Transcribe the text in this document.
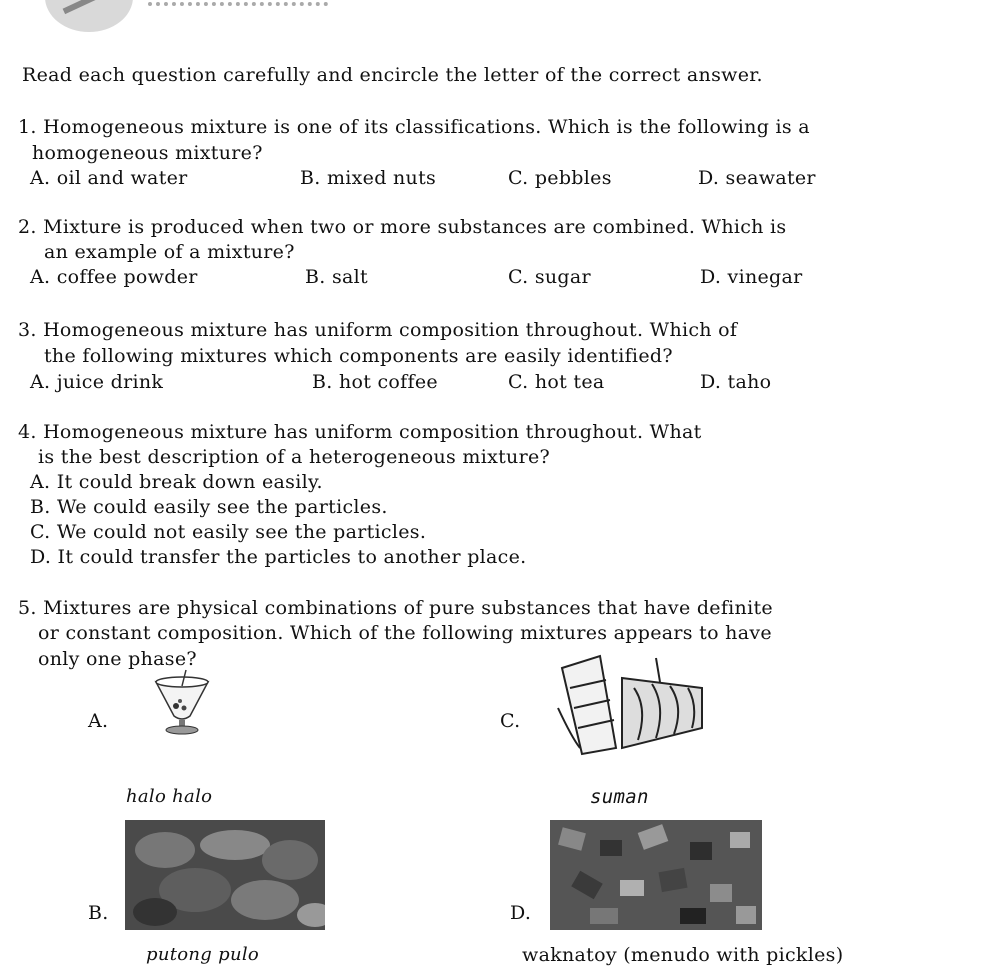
Read each question carefully and encircle the letter of the correct answer.
1. Homogeneous mixture is one of its classifications. Which is the following is a
homogeneous mixture?
A. oil and water	B. mixed nuts	C. pebbles	D. seawater
2. Mixture is produced when two or more substances are combined. Which is
an example of a mixture?
A. coffee powder	B. salt	C. sugar	D. vinegar
3. Homogeneous mixture has uniform composition throughout. Which of
the following mixtures which components are easily identified?
A. juice drink	B. hot coffee	C. hot tea	D. taho
4. Homogeneous mixture has uniform composition throughout. What
is the best description of a heterogeneous mixture?
A. It could break down easily.
B. We could easily see the particles.
C. We could not easily see the particles.
D. It could transfer the particles to another place.
5. Mixtures are physical combinations of pure substances that have definite
or constant composition. Which of the following mixtures appears to have
only one phase?
A.
halo halo
C.
suman
B.
putong pulo
D.
waknatoy (menudo with pickles)
